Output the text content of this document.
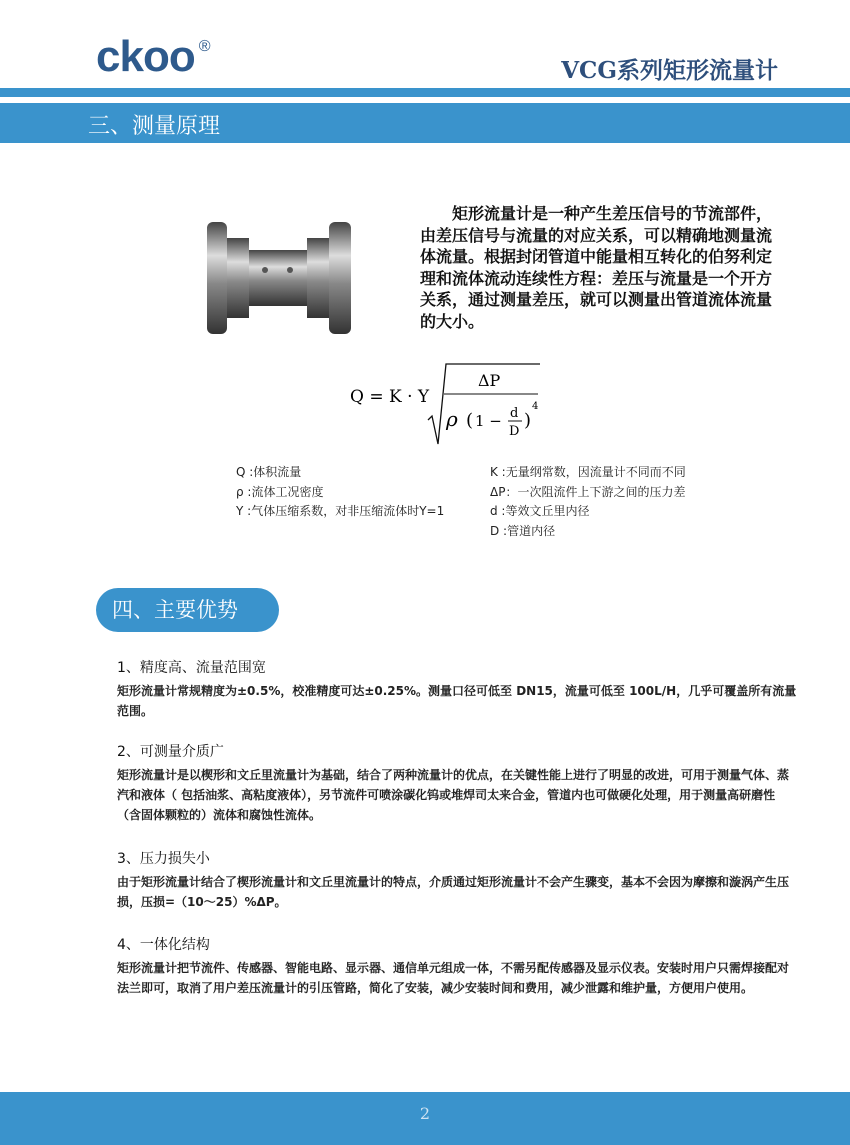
ckoo ®
VCG系列矩形流量计
三、测量原理
矩形流量计是一种产生差压信号的节流部件，由差压信号与流量的对应关系，可以精确地测量流体流量。根据封闭管道中能量相互转化的伯努利定理和流体流动连续性方程：差压与流量是一个开方关系，通过测量差压，就可以测量出管道流体流量的大小。
Q = K · Y
ΔP
ρ ( 1 − d
D
)
4
Q :体积流量
ρ :流体工况密度
Y :气体压缩系数，对非压缩流体时Y=1
K :无量纲常数，因流量计不同而不同
ΔP：一次阻流件上下游之间的压力差
d :等效文丘里内径
D :管道内径
四、主要优势
1、精度高、流量范围宽

矩形流量计常规精度为±0.5%，校准精度可达±0.25%。测量口径可低至 DN15，流量可低至 100L/H，几乎可覆盖所有流量范围。

2、可测量介质广

矩形流量计是以楔形和文丘里流量计为基础，结合了两种流量计的优点，在关键性能上进行了明显的改进，可用于测量气体、蒸汽和液体（ 包括油浆、高粘度液体），另节流件可喷涂碳化钨或堆焊司太来合金，管道内也可做硬化处理，用于测量高研磨性（含固体颗粒的）流体和腐蚀性流体。

3、压力损失小

由于矩形流量计结合了楔形流量计和文丘里流量计的特点，介质通过矩形流量计不会产生骤变，基本不会因为摩擦和漩涡产生压损，压损=（10～25）%ΔP。

4、一体化结构

矩形流量计把节流件、传感器、智能电路、显示器、通信单元组成一体，不需另配传感器及显示仪表。安装时用户只需焊接配对法兰即可，取消了用户差压流量计的引压管路，简化了安装，减少安装时间和费用，减少泄露和维护量，方便用户使用。

2
